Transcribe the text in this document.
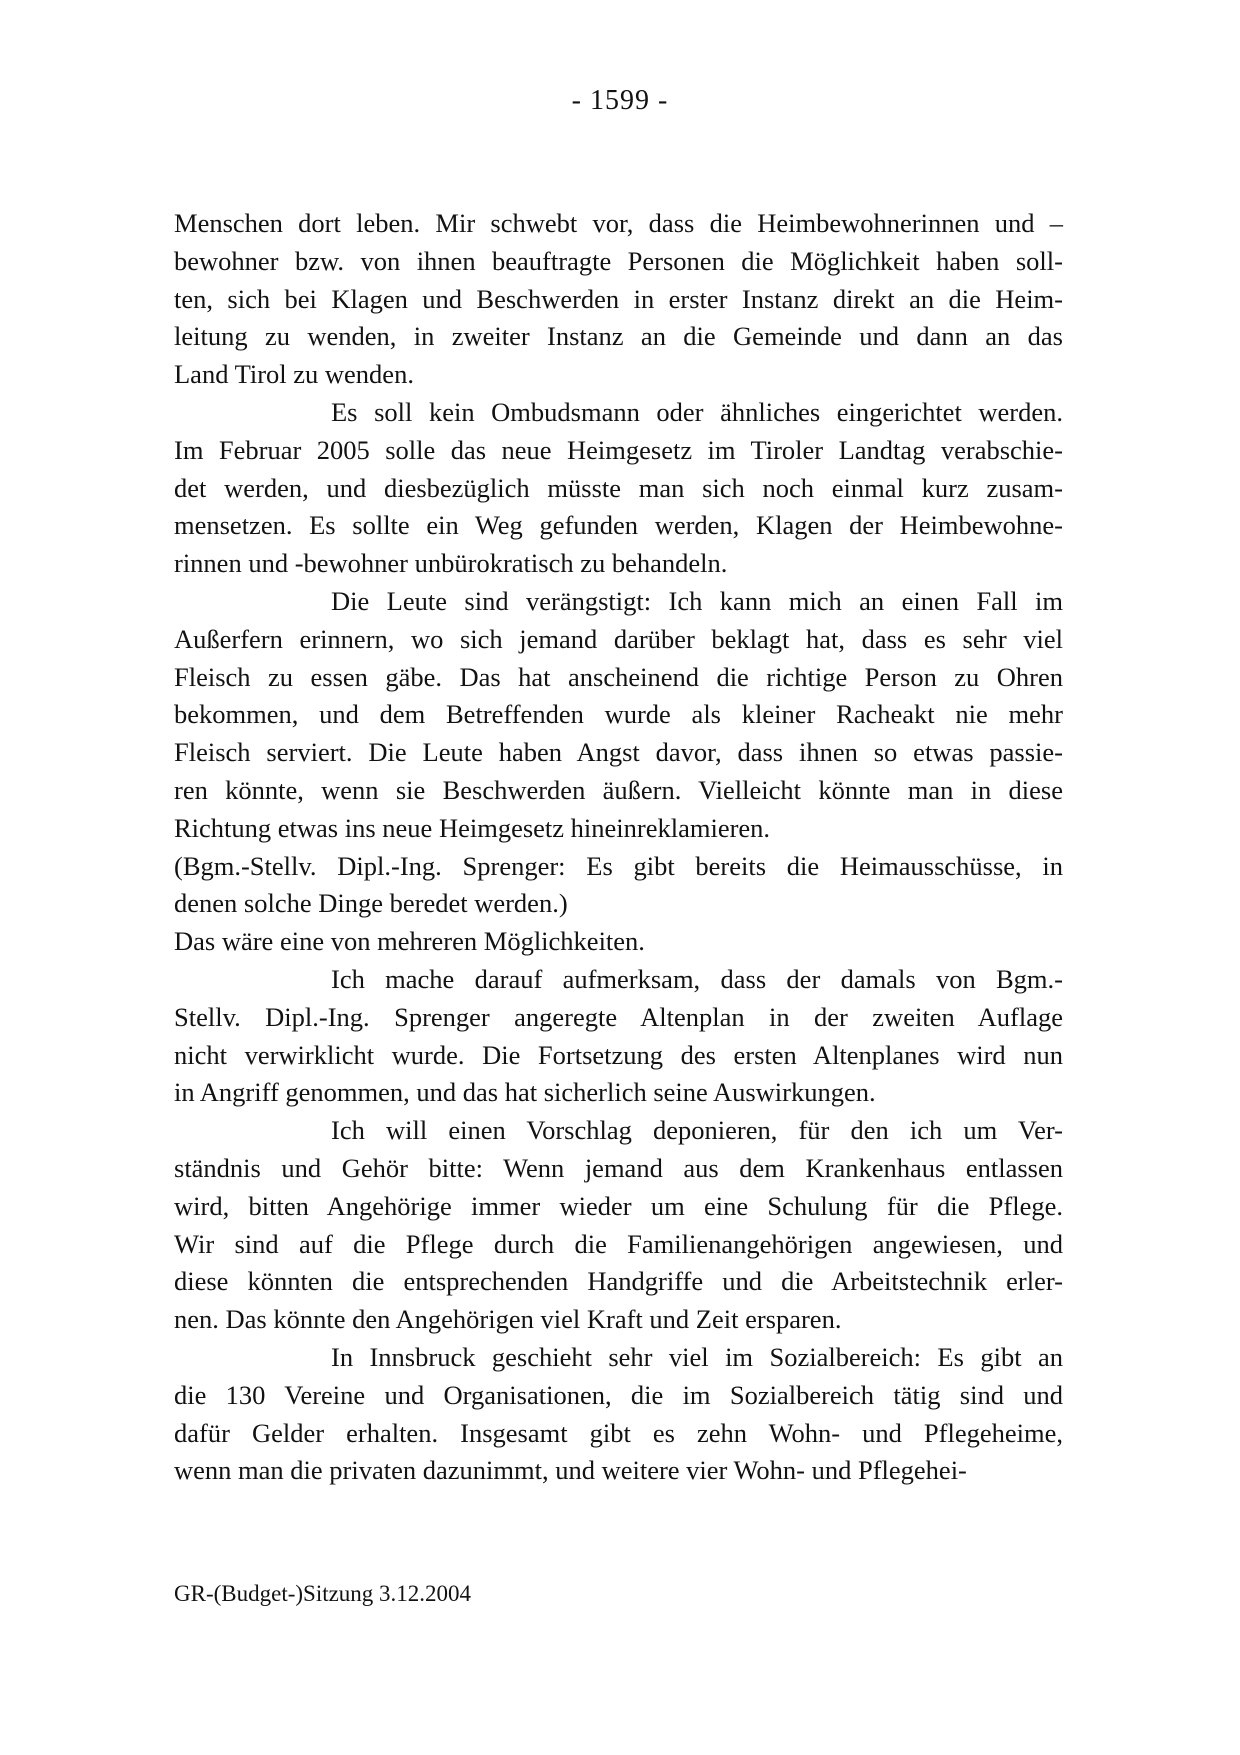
- 1599 -
Menschen dort leben. Mir schwebt vor, dass die Heimbewohnerinnen und –
bewohner bzw. von ihnen beauftragte Personen die Möglichkeit haben soll-
ten, sich bei Klagen und Beschwerden in erster Instanz direkt an die Heim-
leitung zu wenden, in zweiter Instanz an die Gemeinde und dann an das
Land Tirol zu wenden.
Es soll kein Ombudsmann oder ähnliches eingerichtet werden.
Im Februar 2005 solle das neue Heimgesetz im Tiroler Landtag verabschie-
det werden, und diesbezüglich müsste man sich noch einmal kurz zusam-
mensetzen. Es sollte ein Weg gefunden werden, Klagen der Heimbewohne-
rinnen und -bewohner unbürokratisch zu behandeln.
Die Leute sind verängstigt: Ich kann mich an einen Fall im
Außerfern erinnern, wo sich jemand darüber beklagt hat, dass es sehr viel
Fleisch zu essen gäbe. Das hat anscheinend die richtige Person zu Ohren
bekommen, und dem Betreffenden wurde als kleiner Racheakt nie mehr
Fleisch serviert. Die Leute haben Angst davor, dass ihnen so etwas passie-
ren könnte, wenn sie Beschwerden äußern. Vielleicht könnte man in diese
Richtung etwas ins neue Heimgesetz hineinreklamieren.
(Bgm.-Stellv. Dipl.-Ing. Sprenger: Es gibt bereits die Heimausschüsse, in
denen solche Dinge beredet werden.)
Das wäre eine von mehreren Möglichkeiten.
Ich mache darauf aufmerksam, dass der damals von Bgm.-
Stellv. Dipl.-Ing. Sprenger angeregte Altenplan in der zweiten Auflage
nicht verwirklicht wurde. Die Fortsetzung des ersten Altenplanes wird nun
in Angriff genommen, und das hat sicherlich seine Auswirkungen.
Ich will einen Vorschlag deponieren, für den ich um Ver-
ständnis und Gehör bitte: Wenn jemand aus dem Krankenhaus entlassen
wird, bitten Angehörige immer wieder um eine Schulung für die Pflege.
Wir sind auf die Pflege durch die Familienangehörigen angewiesen, und
diese könnten die entsprechenden Handgriffe und die Arbeitstechnik erler-
nen. Das könnte den Angehörigen viel Kraft und Zeit ersparen.
In Innsbruck geschieht sehr viel im Sozialbereich: Es gibt an
die 130 Vereine und Organisationen, die im Sozialbereich tätig sind und
dafür Gelder erhalten. Insgesamt gibt es zehn Wohn- und Pflegeheime,
wenn man die privaten dazunimmt, und weitere vier Wohn- und Pflegehei-
GR-(Budget-)Sitzung 3.12.2004
